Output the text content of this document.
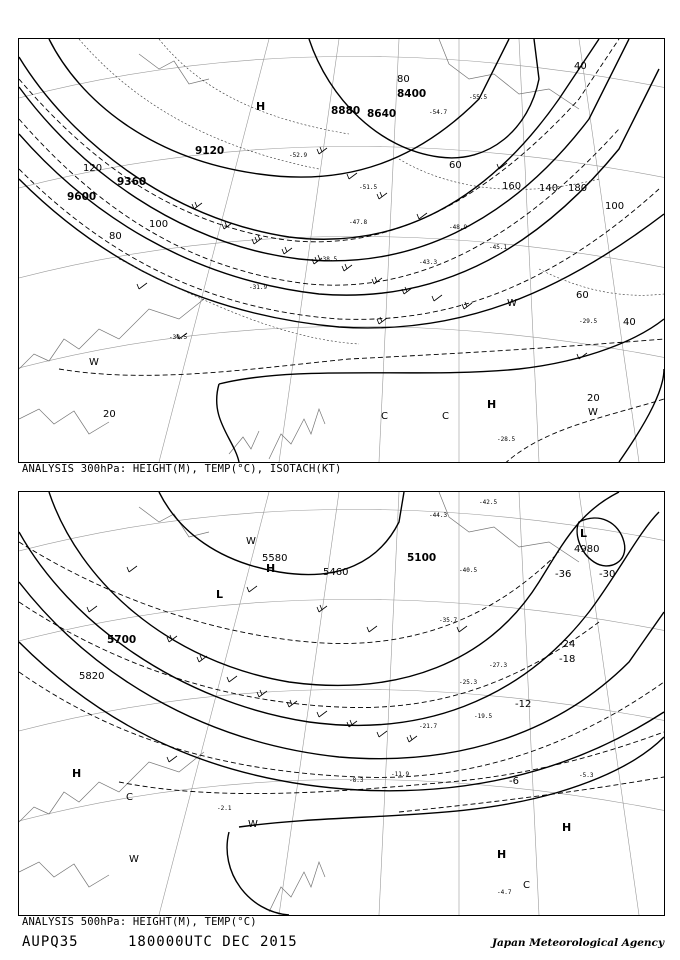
9600
9360
9120
8880 8640
8400
20
20
40
40
60
60
80
80
100
100
120
140
160	180
-55.5
-54.7
-52.9
-51.5
-48.9
-47.8
-45.1
-43.3
-38.5
-31.9
-30.5
-29.5
-28.5
H
H
C	C
W
W
W
ANALYSIS 300hPa: HEIGHT(M), TEMP(°C), ISOTACH(KT)
5820
5700
5580
5460
5100
4980
-6
-12
-18
-24
-30
-36
-42.5
-44.3
-40.5
-35.7
-27.3
-25.3
-21.7
-19.5
-11.9
-8.3
-5.3
-4.7
-2.1
H
H
H
H
L
L
C
C
W
W
W
ANALYSIS 500hPa: HEIGHT(M), TEMP(°C)
AUPQ35	180000UTC DEC 2015	Japan Meteorological Agency
